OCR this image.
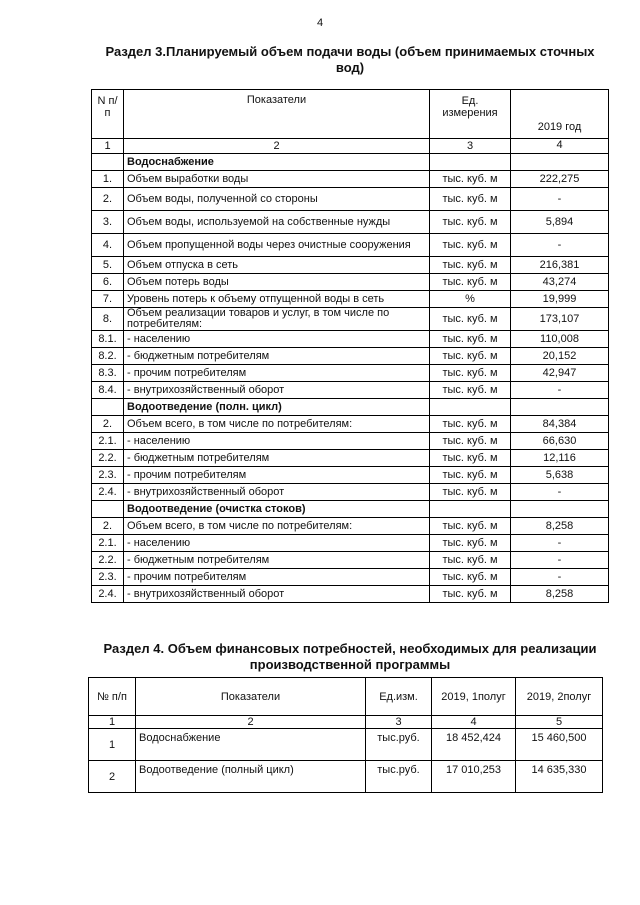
4
Раздел 3.Планируемый объем подачи воды (объем принимаемых сточных вод)
N п/п	Показатели	Ед. измерения	2019 год
1	2	3	4
	Водоснабжение		
1.	Объем выработки воды	тыс. куб. м	222,275
2.	Объем воды, полученной со стороны	тыс. куб. м	-
3.	Объем воды, используемой на собственные нужды	тыс. куб. м	5,894
4.	Объем пропущенной воды через очистные сооружения	тыс. куб. м	-
5.	Объем отпуска в сеть	тыс. куб. м	216,381
6.	Объем потерь воды	тыс. куб. м	43,274
7.	Уровень потерь к объему отпущенной воды в сеть	%	19,999
8.	Объем реализации товаров и услуг, в том числе по потребителям:	тыс. куб. м	173,107
8.1.	- населению	тыс. куб. м	110,008
8.2.	- бюджетным потребителям	тыс. куб. м	20,152
8.3.	- прочим потребителям	тыс. куб. м	42,947
8.4.	- внутрихозяйственный оборот	тыс. куб. м	-
	Водоотведение (полн. цикл)		
2.	Объем всего, в том числе по потребителям:	тыс. куб. м	84,384
2.1.	- населению	тыс. куб. м	66,630
2.2.	- бюджетным потребителям	тыс. куб. м	12,116
2.3.	- прочим потребителям	тыс. куб. м	5,638
2.4.	- внутрихозяйственный оборот	тыс. куб. м	-
	Водоотведение (очистка стоков)		
2.	Объем всего, в том числе по потребителям:	тыс. куб. м	8,258
2.1.	- населению	тыс. куб. м	-
2.2.	- бюджетным потребителям	тыс. куб. м	-
2.3.	- прочим потребителям	тыс. куб. м	-
2.4.	- внутрихозяйственный оборот	тыс. куб. м	8,258
Раздел 4. Объем финансовых потребностей, необходимых для реализации производственной программы
№ п/п	Показатели	Ед.изм.	2019, 1полуг	2019, 2полуг
1	2	3	4	5
1	Водоснабжение	тыс.руб.	18 452,424	15 460,500
2	Водоотведение (полный цикл)	тыс.руб.	17 010,253	14 635,330
